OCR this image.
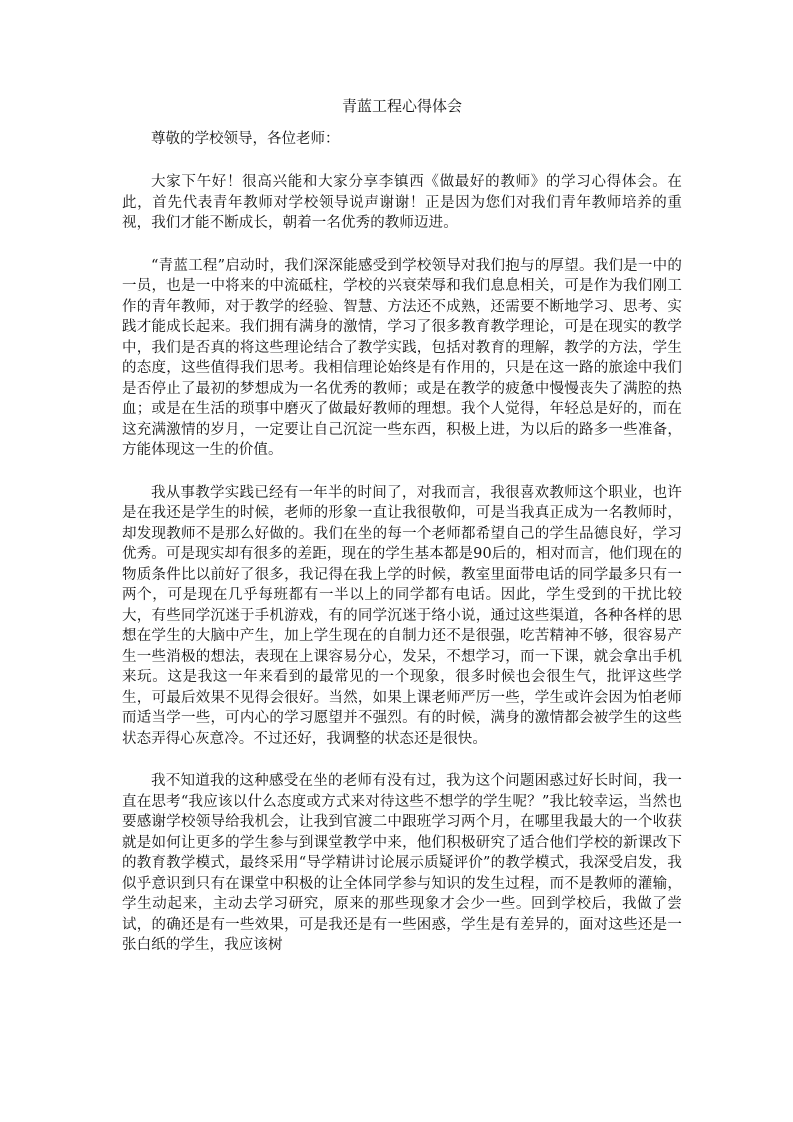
青蓝工程心得体会

尊敬的学校领导，各位老师：

大家下午好！很高兴能和大家分享李镇西《做最好的教师》的学习心得体会。在此，首先代表青年教师对学校领导说声谢谢！正是因为您们对我们青年教师培养的重视，我们才能不断成长，朝着一名优秀的教师迈进。

“青蓝工程”启动时，我们深深能感受到学校领导对我们抱与的厚望。我们是一中的一员，也是一中将来的中流砥柱，学校的兴衰荣辱和我们息息相关，可是作为我们刚工作的青年教师，对于教学的经验、智慧、方法还不成熟，还需要不断地学习、思考、实践才能成长起来。我们拥有满身的激情，学习了很多教育教学理论，可是在现实的教学中，我们是否真的将这些理论结合了教学实践，包括对教育的理解，教学的方法，学生的态度，这些值得我们思考。我相信理论始终是有作用的，只是在这一路的旅途中我们是否停止了最初的梦想成为一名优秀的教师；或是在教学的疲惫中慢慢丧失了满腔的热血；或是在生活的琐事中磨灭了做最好教师的理想。我个人觉得，年轻总是好的，而在这充满激情的岁月，一定要让自己沉淀一些东西，积极上进，为以后的路多一些准备，方能体现这一生的价值。

我从事教学实践已经有一年半的时间了，对我而言，我很喜欢教师这个职业，也许是在我还是学生的时候，老师的形象一直让我很敬仰，可是当我真正成为一名教师时，却发现教师不是那么好做的。我们在坐的每一个老师都希望自己的学生品德良好，学习优秀。可是现实却有很多的差距，现在的学生基本都是90后的，相对而言，他们现在的物质条件比以前好了很多，我记得在我上学的时候，教室里面带电话的同学最多只有一两个，可是现在几乎每班都有一半以上的同学都有电话。因此，学生受到的干扰比较大，有些同学沉迷于手机游戏，有的同学沉迷于络小说，通过这些渠道，各种各样的思想在学生的大脑中产生，加上学生现在的自制力还不是很强，吃苦精神不够，很容易产生一些消极的想法，表现在上课容易分心，发呆，不想学习，而一下课，就会拿出手机来玩。这是我这一年来看到的最常见的一个现象，很多时候也会很生气，批评这些学生，可最后效果不见得会很好。当然，如果上课老师严厉一些，学生或许会因为怕老师而适当学一些，可内心的学习愿望并不强烈。有的时候，满身的激情都会被学生的这些状态弄得心灰意冷。不过还好，我调整的状态还是很快。

我不知道我的这种感受在坐的老师有没有过，我为这个问题困惑过好长时间，我一直在思考“我应该以什么态度或方式来对待这些不想学的学生呢？”我比较幸运，当然也要感谢学校领导给我机会，让我到官渡二中跟班学习两个月，在哪里我最大的一个收获就是如何让更多的学生参与到课堂教学中来，他们积极研究了适合他们学校的新课改下的教育教学模式，最终采用“导学精讲讨论展示质疑评价”的教学模式，我深受启发，我似乎意识到只有在课堂中积极的让全体同学参与知识的发生过程，而不是教师的灌输，学生动起来，主动去学习研究，原来的那些现象才会少一些。回到学校后，我做了尝试，的确还是有一些效果，可是我还是有一些困惑，学生是有差异的，面对这些还是一张白纸的学生，我应该树
